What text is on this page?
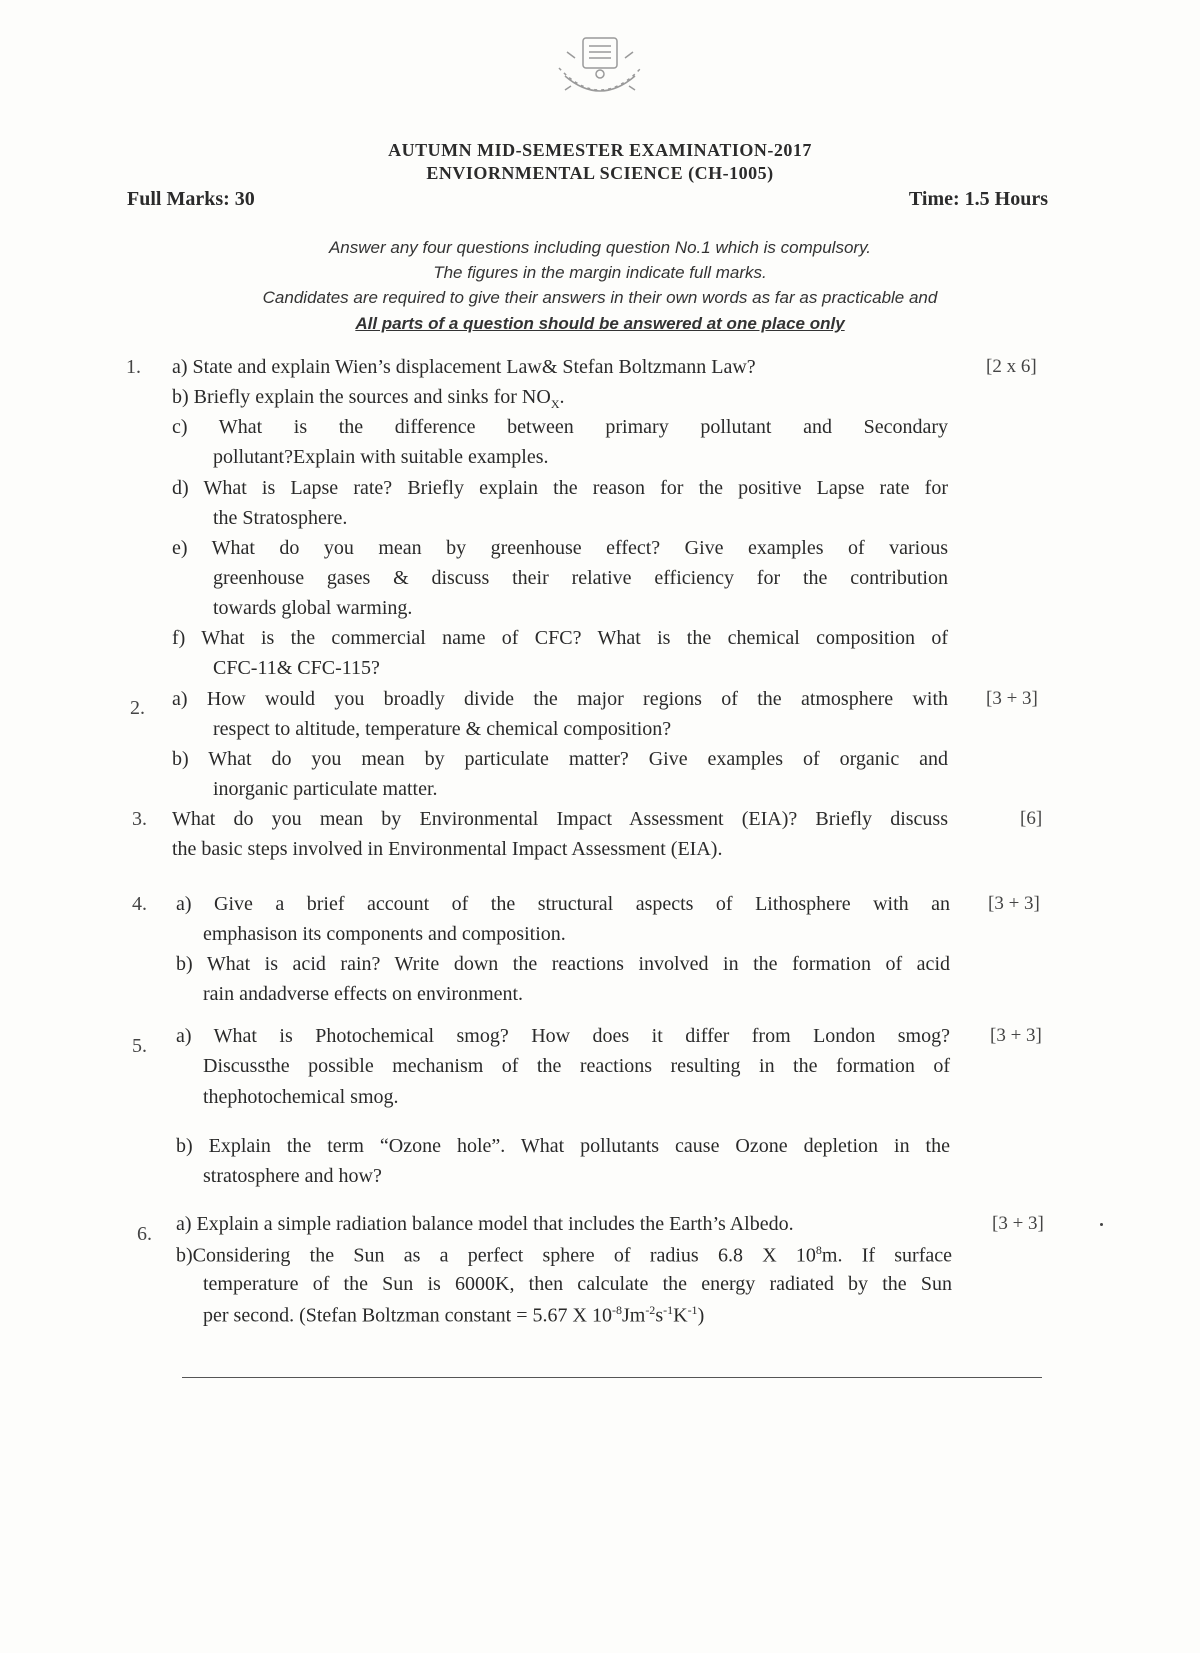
AUTUMN MID-SEMESTER EXAMINATION-2017
ENVIORNMENTAL SCIENCE (CH-1005)
Full Marks: 30	Time: 1.5 Hours
Answer any four questions including question No.1 which is compulsory.
The figures in the margin indicate full marks.
Candidates are required to give their answers in their own words as far as practicable and
All parts of a question should be answered at one place only
1.	[2 x 6]
a) State and explain Wien’s displacement Law& Stefan Boltzmann Law?
b) Briefly explain the sources and sinks for $NO_X$.
c) What is the difference between primary pollutant and Secondary
pollutant?Explain with suitable examples.
d) What is Lapse rate? Briefly explain the reason for the positive Lapse rate for
the Stratosphere.
e) What do you mean by greenhouse effect? Give examples of various
greenhouse gases & discuss their relative efficiency for the contribution
towards global warming.
f) What is the commercial name of CFC? What is the chemical composition of
CFC-11& CFC-115?
2.	[3 + 3]
a) How would you broadly divide the major regions of the atmosphere with
respect to altitude, temperature & chemical composition?
b) What do you mean by particulate matter? Give examples of organic and
inorganic particulate matter.
3.	[6]
What do you mean by Environmental Impact Assessment (EIA)? Briefly discuss
the basic steps involved in Environmental Impact Assessment (EIA).
4.	[3 + 3]
a) Give a brief account of the structural aspects of Lithosphere with an
emphasison its components and composition.
b) What is acid rain? Write down the reactions involved in the formation of acid
rain andadverse effects on environment.
5.	[3 + 3]
a) What is Photochemical smog? How does it differ from London smog?
Discussthe possible mechanism of the reactions resulting in the formation of
thephotochemical smog.
b) Explain the term “Ozone hole”. What pollutants cause Ozone depletion in the
stratosphere and how?
6.	[3 + 3]
a) Explain a simple radiation balance model that includes the Earth’s Albedo.
b)Considering the Sun as a perfect sphere of radius 6.8 X $10^8m$. If surface
temperature of the Sun is 6000K, then calculate the energy radiated by the Sun
per second. (Stefan Boltzman constant = 5.67 X $10^{-8}Jm^{-2}s^{-1}K^{-1}$)
